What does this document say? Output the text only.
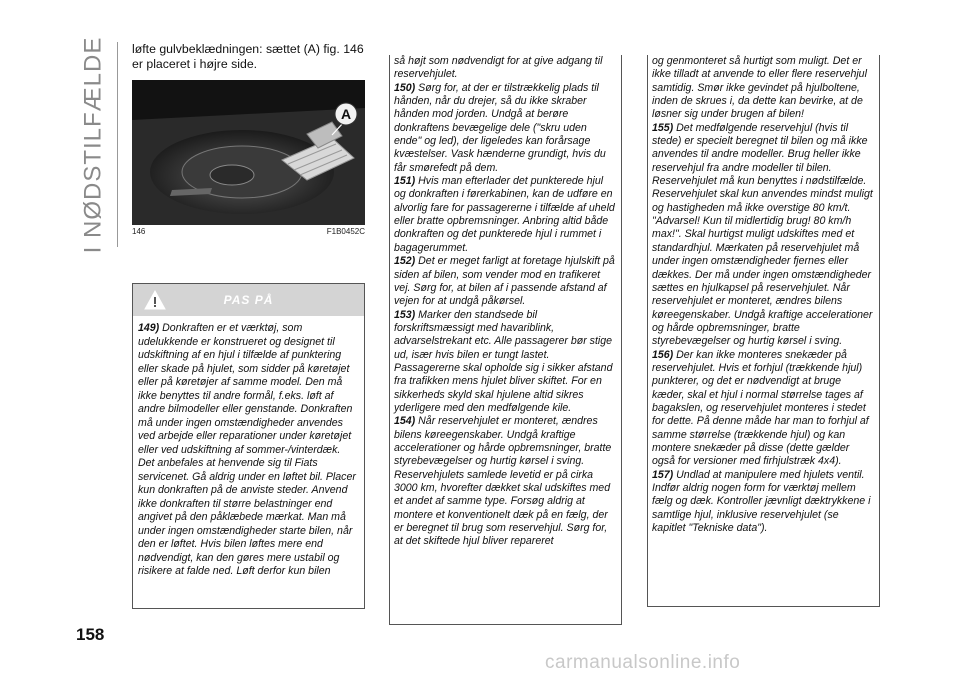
I NØDSTILFÆLDE løfte gulvbeklædningen: sættet (A) fig. 146 er placeret i højre side.

A
146	F1B0452C
PAS PÅ

149) Donkraften er et værktøj, som udelukkende er konstrueret og designet til udskiftning af en hjul i tilfælde af punktering eller skade på hjulet, som sidder på køretøjet eller på køretøjer af samme model. Den må ikke benyttes til andre formål, f.eks. løft af andre bilmodeller eller genstande. Donkraften må under ingen omstændigheder anvendes ved arbejde eller reparationer under køretøjet eller ved udskiftning af sommer-/vinterdæk. Det anbefales at henvende sig til Fiats servicenet. Gå aldrig under en løftet bil. Placer kun donkraften på de anviste steder. Anvend ikke donkraften til større belastninger end angivet på den påklæbede mærkat. Man må under ingen omstændigheder starte bilen, når den er løftet. Hvis bilen løftes mere end nødvendigt, kan den gøres mere ustabil og risikere at falde ned. Løft derfor kun bilen

så højt som nødvendigt for at give adgang til reservehjulet.

150) Sørg for, at der er tilstrækkelig plads til hånden, når du drejer, så du ikke skraber hånden mod jorden. Undgå at berøre donkraftens bevægelige dele ("skru uden ende" og led), der ligeledes kan forårsage kvæstelser. Vask hænderne grundigt, hvis du får smørefedt på dem.

151) Hvis man efterlader det punkterede hjul og donkraften i førerkabinen, kan de udføre en alvorlig fare for passagererne i tilfælde af uheld eller bratte opbremsninger. Anbring altid både donkraften og det punkterede hjul i rummet i bagagerummet.

152) Det er meget farligt at foretage hjulskift på siden af bilen, som vender mod en trafikeret vej. Sørg for, at bilen af i passende afstand af vejen for at undgå påkørsel.

153) Marker den standsede bil forskriftsmæssigt med havariblink, advarselstrekant etc. Alle passagerer bør stige ud, især hvis bilen er tungt lastet. Passagererne skal opholde sig i sikker afstand fra trafikken mens hjulet bliver skiftet. For en sikkerheds skyld skal hjulene altid sikres yderligere med den medfølgende kile.

154) Når reservehjulet er monteret, ændres bilens køreegenskaber. Undgå kraftige accelerationer og hårde opbremsninger, bratte styrebevægelser og hurtig kørsel i sving. Reservehjulets samlede levetid er på cirka 3000 km, hvorefter dækket skal udskiftes med et andet af samme type. Forsøg aldrig at montere et konventionelt dæk på en fælg, der er beregnet til brug som reservehjul. Sørg for, at det skiftede hjul bliver repareret

og genmonteret så hurtigt som muligt. Det er ikke tilladt at anvende to eller flere reservehjul samtidig. Smør ikke gevindet på hjulboltene, inden de skrues i, da dette kan bevirke, at de løsner sig under brugen af bilen!

155) Det medfølgende reservehjul (hvis til stede) er specielt beregnet til bilen og må ikke anvendes til andre modeller. Brug heller ikke reservehjul fra andre modeller til bilen. Reservehjulet må kun benyttes i nødstilfælde. Reservehjulet skal kun anvendes mindst muligt og hastigheden må ikke overstige 80 km/t. "Advarsel! Kun til midlertidig brug! 80 km/h max!". Skal hurtigst muligt udskiftes med et standardhjul. Mærkaten på reservehjulet må under ingen omstændigheder fjernes eller dækkes. Der må under ingen omstændigheder sættes en hjulkapsel på reservehjulet. Når reservehjulet er monteret, ændres bilens køreegenskaber. Undgå kraftige accelerationer og hårde opbremsninger, bratte styrebevægelser og hurtig kørsel i sving.

156) Der kan ikke monteres snekæder på reservehjulet. Hvis et forhjul (trækkende hjul) punkterer, og det er nødvendigt at bruge kæder, skal et hjul i normal størrelse tages af bagakslen, og reservehjulet monteres i stedet for dette. På denne måde har man to forhjul af samme størrelse (trækkende hjul) og kan montere snekæder på disse (dette gælder også for versioner med firhjulstræk 4x4).

157) Undlad at manipulere med hjulets ventil. Indfør aldrig nogen form for værktøj mellem fælg og dæk. Kontroller jævnligt dæktrykkene i samtlige hjul, inklusive reservehjulet (se kapitlet "Tekniske data").

158
carmanualsonline.info
